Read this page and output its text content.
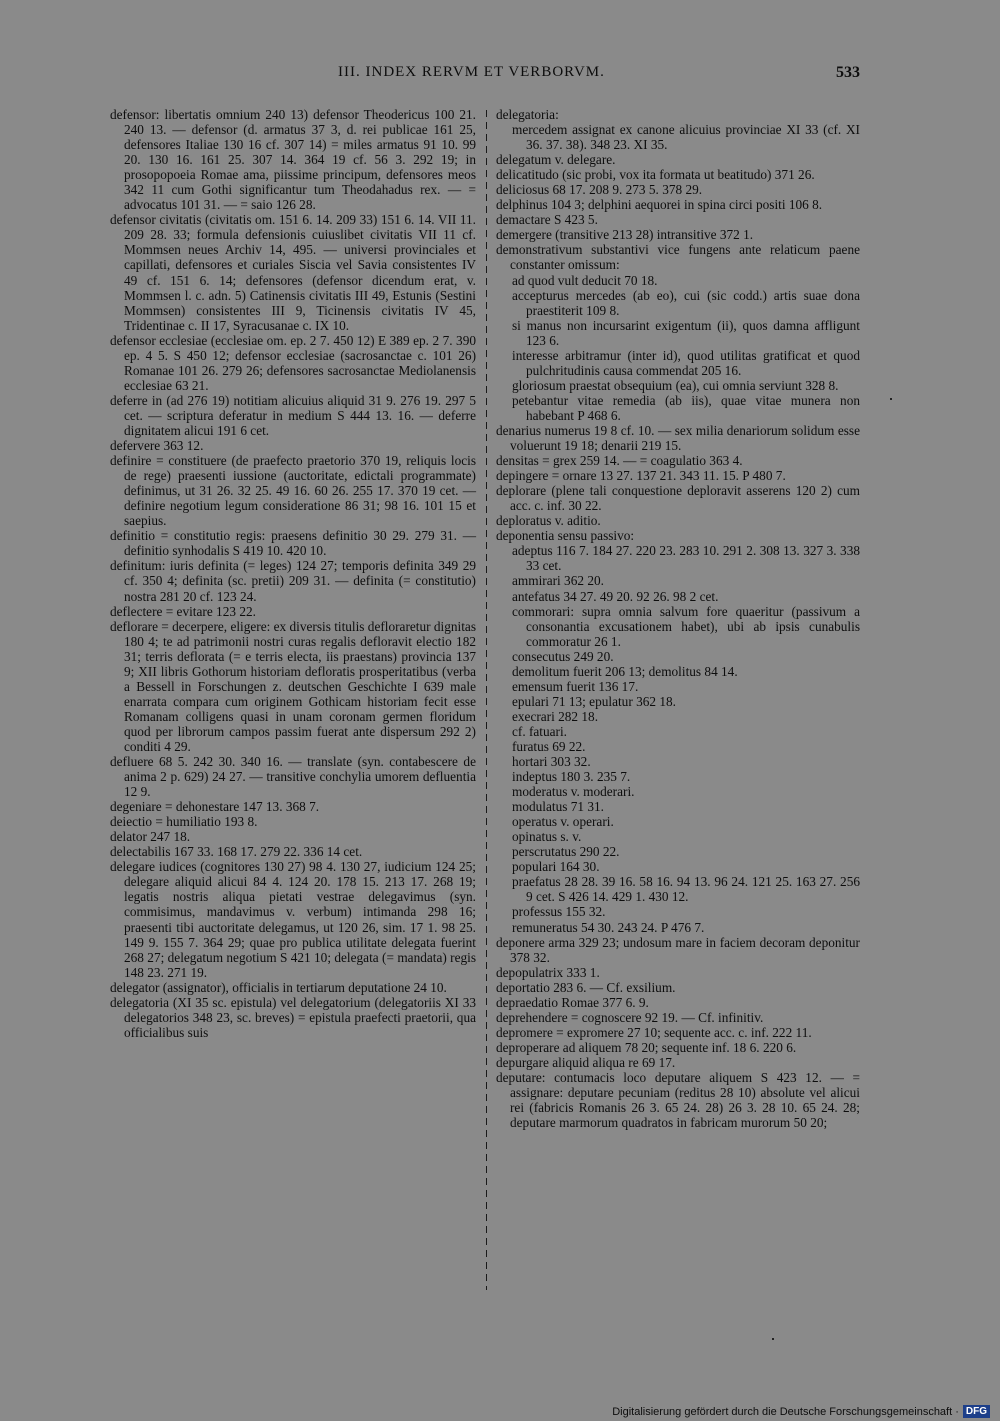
III. INDEX RERVM ET VERBORVM.	533

defensor: libertatis omnium 240 13) defensor Theodericus 100 21. 240 13. — defensor (d. armatus 37 3, d. rei publicae 161 25, defensores Italiae 130 16 cf. 307 14) = miles armatus 91 10. 99 20. 130 16. 161 25. 307 14. 364 19 cf. 56 3. 292 19; in prosopopoeia Romae ama, piissime principum, defensores meos 342 11 cum Gothi significantur tum Theodahadus rex. — = advocatus 101 31. — = saio 126 28.

defensor civitatis (civitatis om. 151 6. 14. 209 33) 151 6. 14. VII 11. 209 28. 33; formula defensionis cuiuslibet civitatis VII 11 cf. Mommsen neues Archiv 14, 495. — universi provinciales et capillati, defensores et curiales Siscia vel Savia consistentes IV 49 cf. 151 6. 14; defensores (defensor dicendum erat, v. Mommsen l. c. adn. 5) Catinensis civitatis III 49, Estunis (Sestini Mommsen) consistentes III 9, Ticinensis civitatis IV 45, Tridentinae c. II 17, Syracusanae c. IX 10.

defensor ecclesiae (ecclesiae om. ep. 2 7. 450 12) E 389 ep. 2 7. 390 ep. 4 5. S 450 12; defensor ecclesiae (sacrosanctae c. 101 26) Romanae 101 26. 279 26; defensores sacrosanctae Mediolanensis ecclesiae 63 21.

deferre in (ad 276 19) notitiam alicuius aliquid 31 9. 276 19. 297 5 cet. — scriptura deferatur in medium S 444 13. 16. — deferre dignitatem alicui 191 6 cet.

defervere 363 12.

definire = constituere (de praefecto praetorio 370 19, reliquis locis de rege) praesenti iussione (auctoritate, edictali programmate) definimus, ut 31 26. 32 25. 49 16. 60 26. 255 17. 370 19 cet. — definire negotium legum consideratione 86 31; 98 16. 101 15 et saepius.

definitio = constitutio regis: praesens definitio 30 29. 279 31. — definitio synhodalis S 419 10. 420 10.

definitum: iuris definita (= leges) 124 27; temporis definita 349 29 cf. 350 4; definita (sc. pretii) 209 31. — definita (= constitutio) nostra 281 20 cf. 123 24.

deflectere = evitare 123 22.

deflorare = decerpere, eligere: ex diversis titulis defloraretur dignitas 180 4; te ad patrimonii nostri curas regalis defloravit electio 182 31; terris deflorata (= e terris electa, iis praestans) provincia 137 9; XII libris Gothorum historiam defloratis prosperitatibus (verba a Bessell in Forschungen z. deutschen Geschichte I 639 male enarrata compara cum originem Gothicam historiam fecit esse Romanam colligens quasi in unam coronam germen floridum quod per librorum campos passim fuerat ante dispersum 292 2) conditi 4 29.

defluere 68 5. 242 30. 340 16. — translate (syn. contabescere de anima 2 p. 629) 24 27. — transitive conchylia umorem defluentia 12 9.

degeniare = dehonestare 147 13. 368 7.

deiectio = humiliatio 193 8.

delator 247 18.

delectabilis 167 33. 168 17. 279 22. 336 14 cet.

delegare iudices (cognitores 130 27) 98 4. 130 27, iudicium 124 25; delegare aliquid alicui 84 4. 124 20. 178 15. 213 17. 268 19; legatis nostris aliqua pietati vestrae delegavimus (syn. commisimus, mandavimus v. verbum) intimanda 298 16; praesenti tibi auctoritate delegamus, ut 120 26, sim. 17 1. 98 25. 149 9. 155 7. 364 29; quae pro publica utilitate delegata fuerint 268 27; delegatum negotium S 421 10; delegata (= mandata) regis 148 23. 271 19.

delegator (assignator), officialis in tertiarum deputatione 24 10.

delegatoria (XI 35 sc. epistula) vel delegatorium (delegatoriis XI 33 delegatorios 348 23, sc. breves) = epistula praefecti praetorii, qua officialibus suis

delegatoria:

mercedem assignat ex canone alicuius provinciae XI 33 (cf. XI 36. 37. 38). 348 23. XI 35.

delegatum v. delegare.

delicatitudo (sic probi, vox ita formata ut beatitudo) 371 26.

deliciosus 68 17. 208 9. 273 5. 378 29.

delphinus 104 3; delphini aequorei in spina circi positi 106 8.

demactare S 423 5.

demergere (transitive 213 28) intransitive 372 1.

demonstrativum substantivi vice fungens ante relaticum paene constanter omissum:

ad quod vult deducit 70 18.

accepturus mercedes (ab eo), cui (sic codd.) artis suae dona praestiterit 109 8.

si manus non incursarint exigentum (ii), quos damna affligunt 123 6.

interesse arbitramur (inter id), quod utilitas gratificat et quod pulchritudinis causa commendat 205 16.

gloriosum praestat obsequium (ea), cui omnia serviunt 328 8.

petebantur vitae remedia (ab iis), quae vitae munera non habebant P 468 6.

denarius numerus 19 8 cf. 10. — sex milia denariorum solidum esse voluerunt 19 18; denarii 219 15.

densitas = grex 259 14. — = coagulatio 363 4.

depingere = ornare 13 27. 137 21. 343 11. 15. P 480 7.

deplorare (plene tali conquestione deploravit asserens 120 2) cum acc. c. inf. 30 22.

deploratus v. aditio.

deponentia sensu passivo:

adeptus 116 7. 184 27. 220 23. 283 10. 291 2. 308 13. 327 3. 338 33 cet.

ammirari 362 20.

antefatus 34 27. 49 20. 92 26. 98 2 cet.

commorari: supra omnia salvum fore quaeritur (passivum a consonantia excusationem habet), ubi ab ipsis cunabulis commoratur 26 1.

consecutus 249 20.

demolitum fuerit 206 13; demolitus 84 14.

emensum fuerit 136 17.

epulari 71 13; epulatur 362 18.

execrari 282 18.

cf. fatuari.

furatus 69 22.

hortari 303 32.

indeptus 180 3. 235 7.

moderatus v. moderari.

modulatus 71 31.

operatus v. operari.

opinatus s. v.

perscrutatus 290 22.

populari 164 30.

praefatus 28 28. 39 16. 58 16. 94 13. 96 24. 121 25. 163 27. 256 9 cet. S 426 14. 429 1. 430 12.

professus 155 32.

remuneratus 54 30. 243 24. P 476 7.

deponere arma 329 23; undosum mare in faciem decoram deponitur 378 32.

depopulatrix 333 1.

deportatio 283 6. — Cf. exsilium.

depraedatio Romae 377 6. 9.

deprehendere = cognoscere 92 19. — Cf. infinitiv.

depromere = expromere 27 10; sequente acc. c. inf. 222 11.

deproperare ad aliquem 78 20; sequente inf. 18 6. 220 6.

depurgare aliquid aliqua re 69 17.

deputare: contumacis loco deputare aliquem S 423 12. — = assignare: deputare pecuniam (reditus 28 10) absolute vel alicui rei (fabricis Romanis 26 3. 65 24. 28) 26 3. 28 10. 65 24. 28; deputare marmorum quadratos in fabricam murorum 50 20;

Digitalisierung gefördert durch die Deutsche Forschungsgemeinschaft · DFG
